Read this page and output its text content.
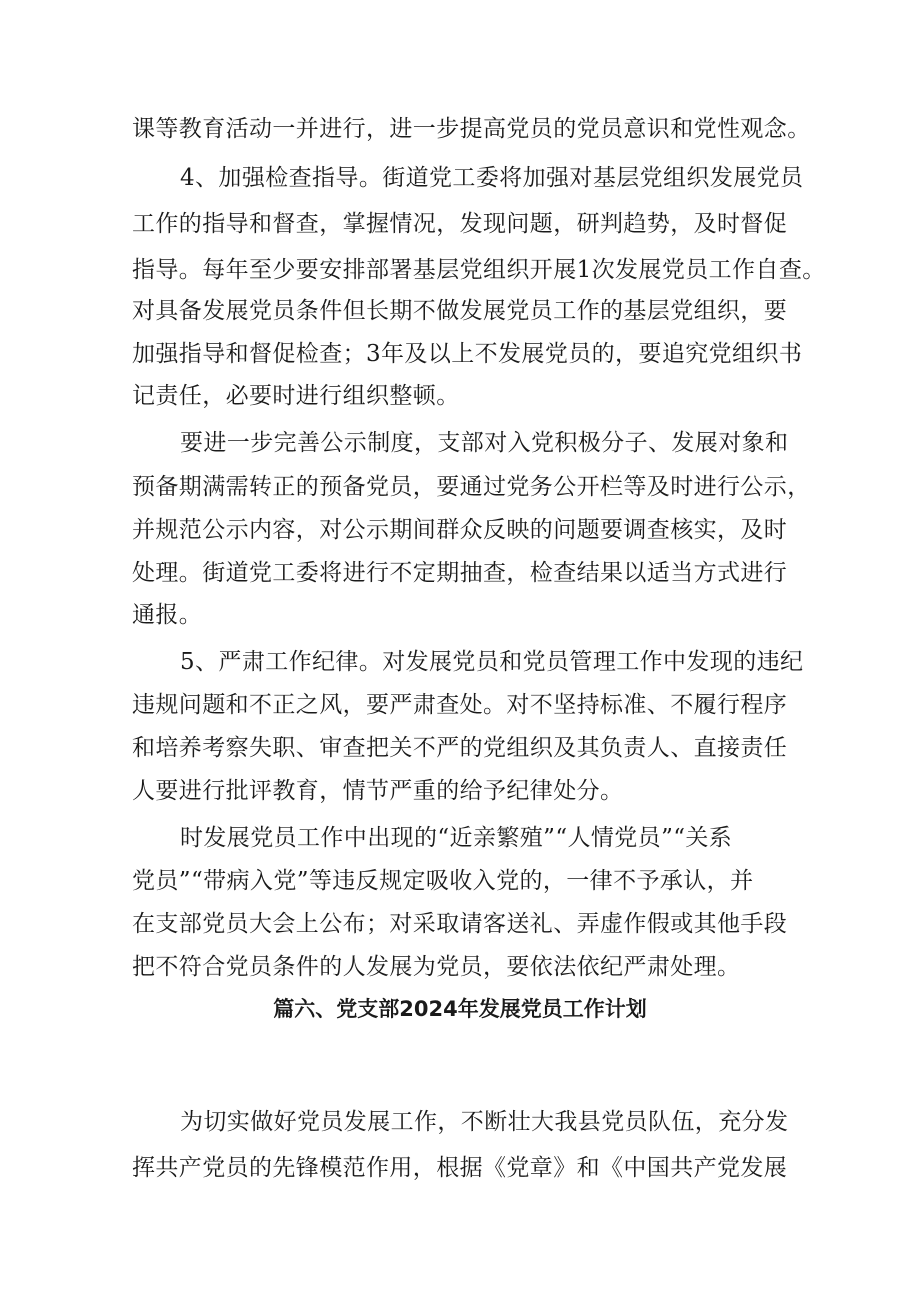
课等教育活动一并进行，进一步提高党员的党员意识和党性观念。
4、加强检查指导。街道党工委将加强对基层党组织发展党员
工作的指导和督查，掌握情况，发现问题，研判趋势，及时督促
指导。每年至少要安排部署基层党组织开展1次发展党员工作自查。
对具备发展党员条件但长期不做发展党员工作的基层党组织，要
加强指导和督促检查；3年及以上不发展党员的，要追究党组织书
记责任，必要时进行组织整顿。
要进一步完善公示制度，支部对入党积极分子、发展对象和
预备期满需转正的预备党员，要通过党务公开栏等及时进行公示，
并规范公示内容，对公示期间群众反映的问题要调查核实，及时
处理。街道党工委将进行不定期抽查，检查结果以适当方式进行
通报。
5、严肃工作纪律。对发展党员和党员管理工作中发现的违纪
违规问题和不正之风，要严肃查处。对不坚持标准、不履行程序
和培养考察失职、审查把关不严的党组织及其负责人、直接责任
人要进行批评教育，情节严重的给予纪律处分。
时发展党员工作中出现的“近亲繁殖”“人情党员”“关系
党员”“带病入党”等违反规定吸收入党的，一律不予承认，并
在支部党员大会上公布；对采取请客送礼、弄虚作假或其他手段
把不符合党员条件的人发展为党员，要依法依纪严肃处理。
篇六、党支部2024年发展党员工作计划
为切实做好党员发展工作，不断壮大我县党员队伍，充分发
挥共产党员的先锋模范作用，根据《党章》和《中国共产党发展
